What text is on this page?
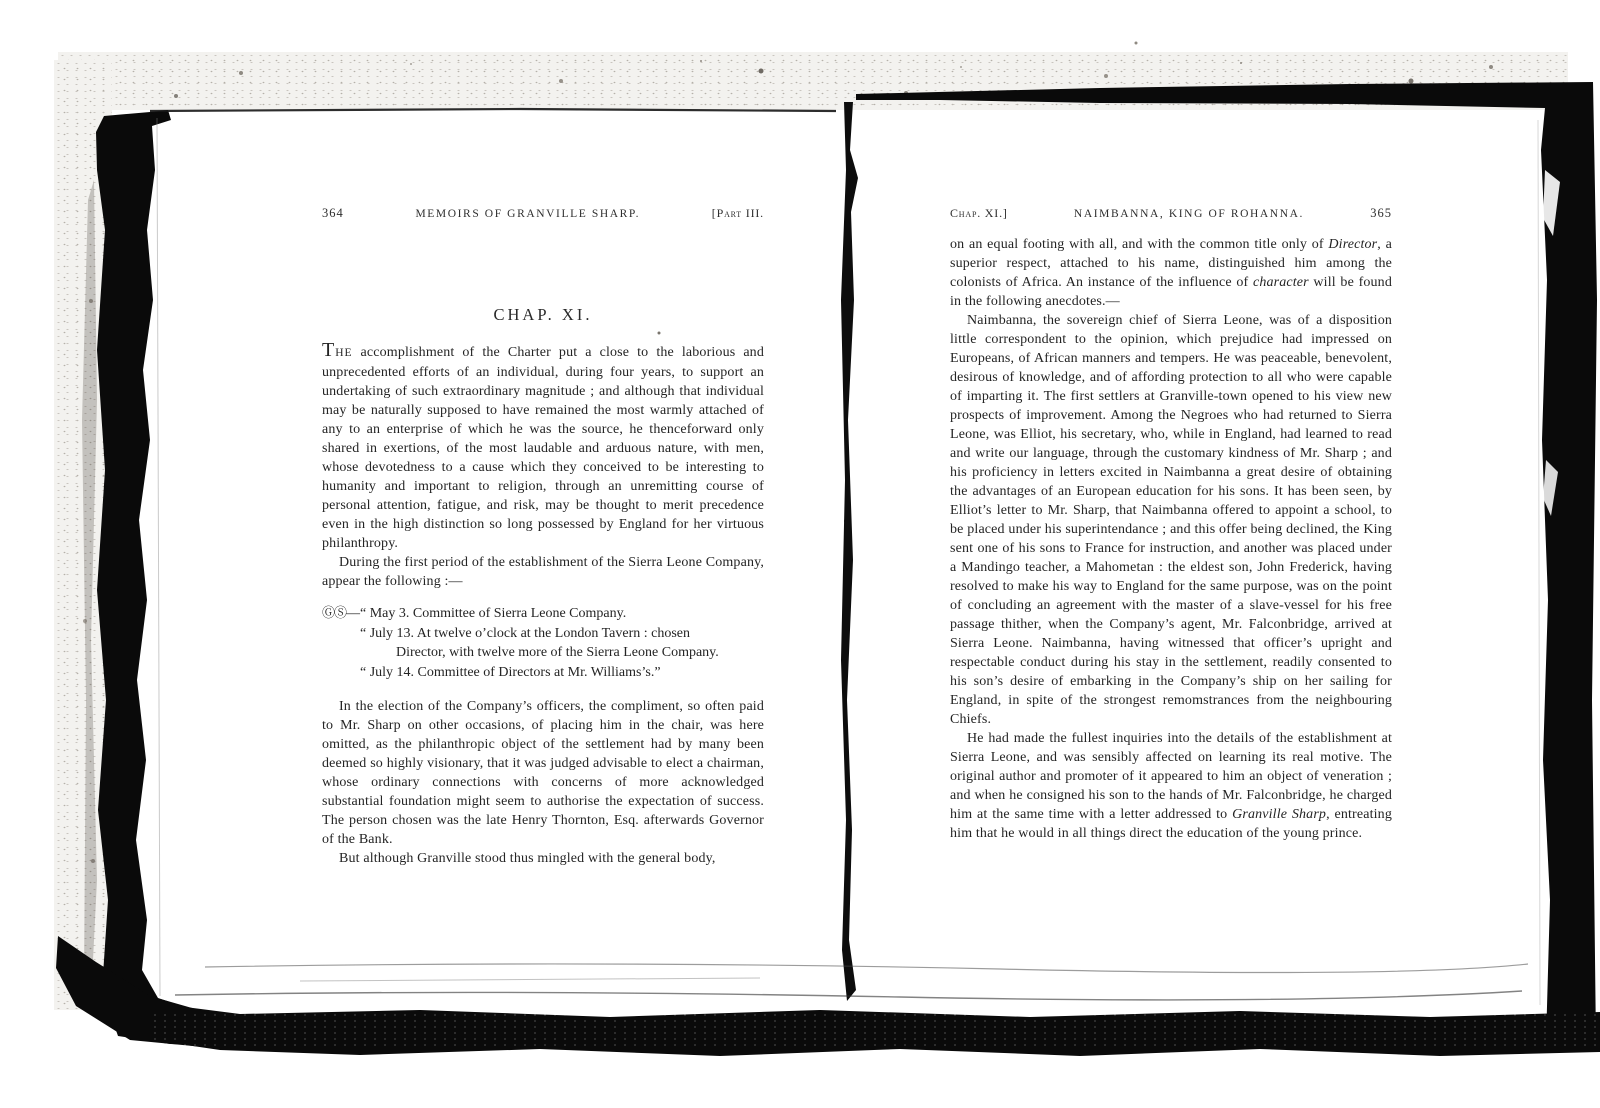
364	MEMOIRS OF GRANVILLE SHARP.	[Part III.
CHAP. XI.

THE accomplishment of the Charter put a close to the laborious and unprecedented efforts of an individual, during four years, to support an undertaking of such extraordinary magnitude ; and although that individual may be naturally supposed to have remained the most warmly attached of any to an enterprise of which he was the source, he thenceforward only shared in exertions, of the most laudable and arduous nature, with men, whose devotedness to a cause which they conceived to be interesting to humanity and important to religion, through an unremitting course of personal attention, fatigue, and risk, may be thought to merit precedence even in the high distinction so long possessed by England for her virtuous philanthropy.

During the first period of the establishment of the Sierra Leone Company, appear the following :—

ⒼⓈ—“ May 3. Committee of Sierra Leone Company.
“ July 13. At twelve o’clock at the London Tavern : chosen
Director, with twelve more of the Sierra Leone Company.
“ July 14. Committee of Directors at Mr. Williams’s.”

In the election of the Company’s officers, the compliment, so often paid to Mr. Sharp on other occasions, of placing him in the chair, was here omitted, as the philanthropic object of the settlement had by many been deemed so highly visionary, that it was judged advisable to elect a chairman, whose ordinary connections with concerns of more acknowledged substantial foundation might seem to authorise the expectation of success. The person chosen was the late Henry Thornton, Esq. afterwards Governor of the Bank.

But although Granville stood thus mingled with the general body,

Chap. XI.]	NAIMBANNA, KING OF ROHANNA.	365

on an equal footing with all, and with the common title only of Director, a superior respect, attached to his name, distinguished him among the colonists of Africa. An instance of the influence of character will be found in the following anecdotes.—

Naimbanna, the sovereign chief of Sierra Leone, was of a disposition little correspondent to the opinion, which prejudice had impressed on Europeans, of African manners and tempers. He was peaceable, benevolent, desirous of knowledge, and of affording protection to all who were capable of imparting it. The first settlers at Granville-town opened to his view new prospects of improvement. Among the Negroes who had returned to Sierra Leone, was Elliot, his secretary, who, while in England, had learned to read and write our language, through the customary kindness of Mr. Sharp ; and his proficiency in letters excited in Naimbanna a great desire of obtaining the advantages of an European education for his sons. It has been seen, by Elliot’s letter to Mr. Sharp, that Naimbanna offered to appoint a school, to be placed under his superintendance ; and this offer being declined, the King sent one of his sons to France for instruction, and another was placed under a Mandingo teacher, a Mahometan : the eldest son, John Frederick, having resolved to make his way to England for the same purpose, was on the point of concluding an agreement with the master of a slave-vessel for his free passage thither, when the Company’s agent, Mr. Falconbridge, arrived at Sierra Leone. Naimbanna, having witnessed that officer’s upright and respectable conduct during his stay in the settlement, readily consented to his son’s desire of embarking in the Company’s ship on her sailing for England, in spite of the strongest remomstrances from the neighbouring Chiefs.

He had made the fullest inquiries into the details of the establishment at Sierra Leone, and was sensibly affected on learning its real motive. The original author and promoter of it appeared to him an object of veneration ; and when he consigned his son to the hands of Mr. Falconbridge, he charged him at the same time with a letter addressed to Granville Sharp, entreating him that he would in all things direct the education of the young prince.
